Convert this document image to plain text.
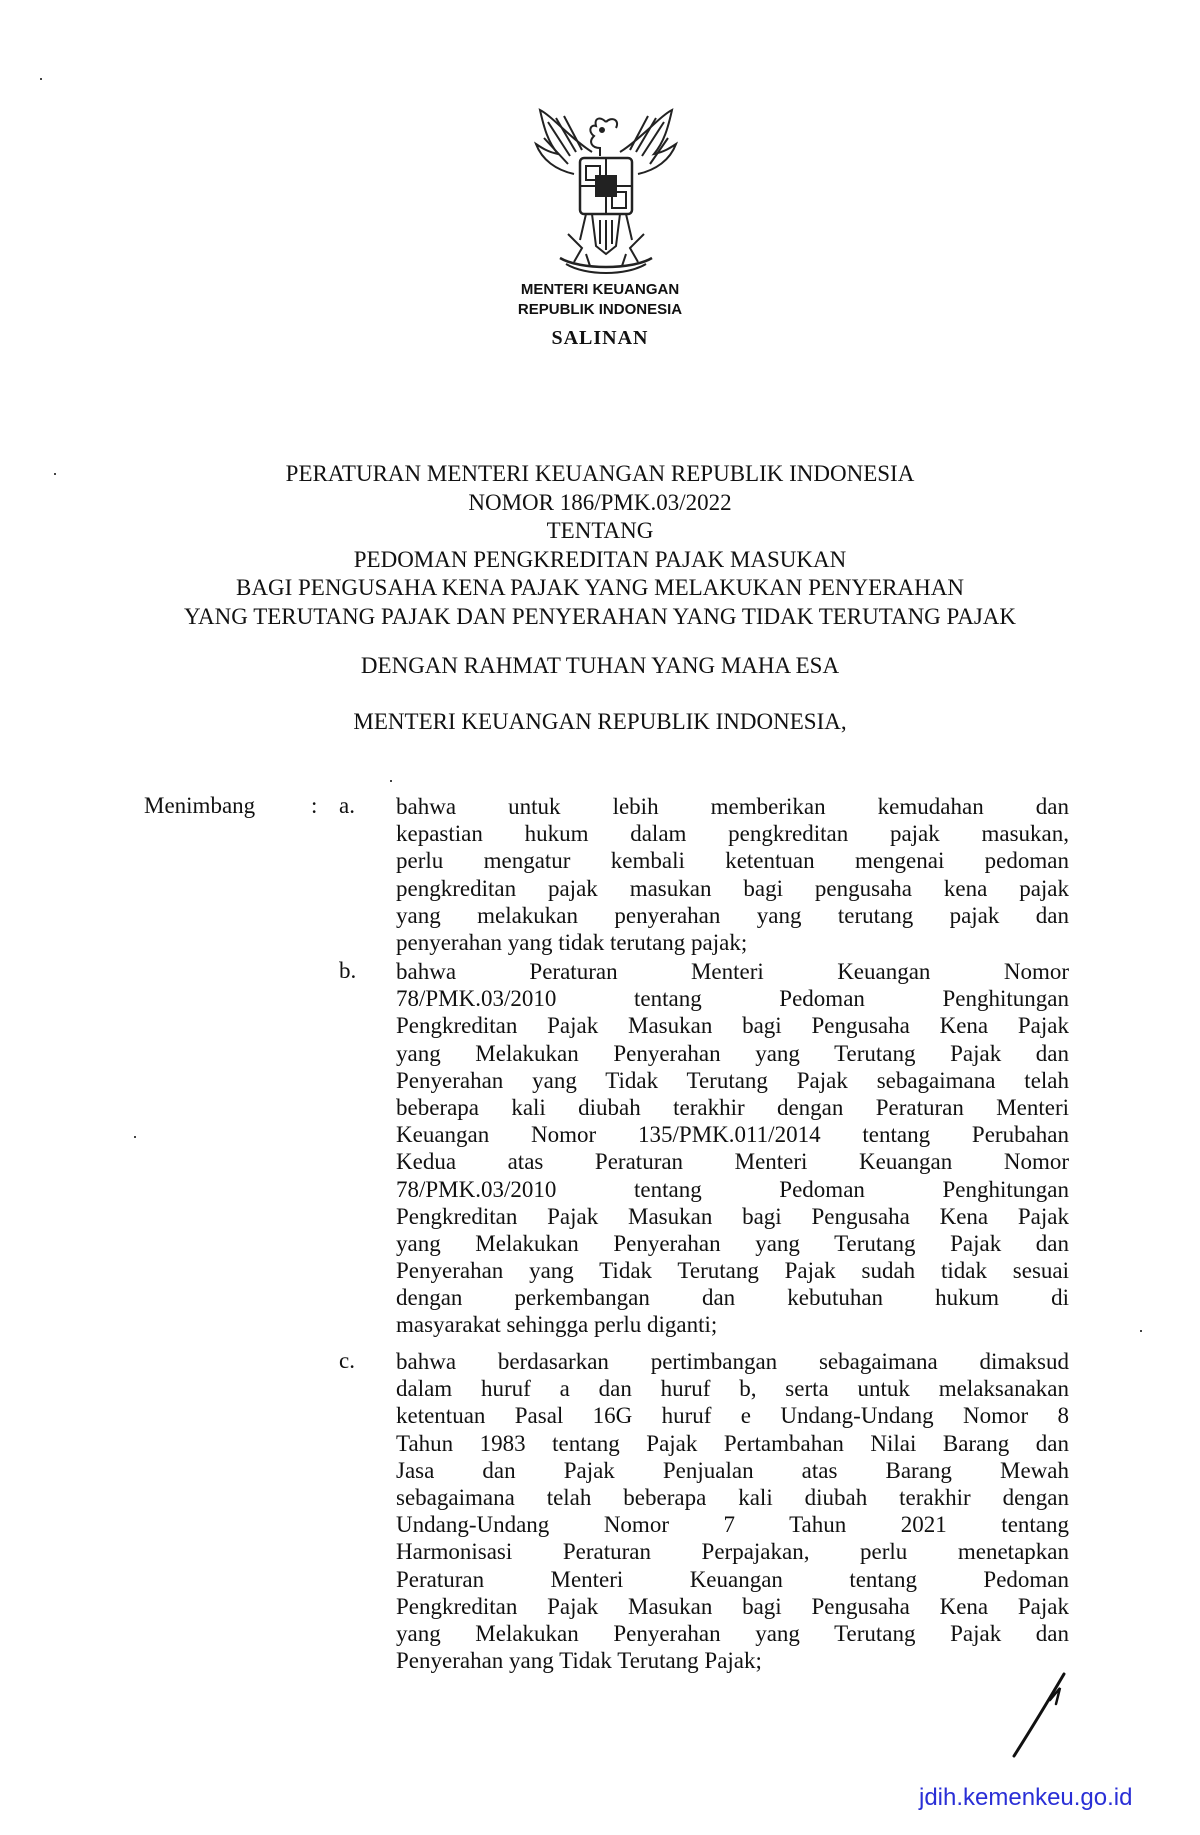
MENTERI KEUANGAN
REPUBLIK INDONESIA
SALINAN
PERATURAN MENTERI KEUANGAN REPUBLIK INDONESIA
NOMOR 186/PMK.03/2022
TENTANG
PEDOMAN PENGKREDITAN PAJAK MASUKAN
BAGI PENGUSAHA KENA PAJAK YANG MELAKUKAN PENYERAHAN
YANG TERUTANG PAJAK DAN PENYERAHAN YANG TIDAK TERUTANG PAJAK
DENGAN RAHMAT TUHAN YANG MAHA ESA
MENTERI KEUANGAN REPUBLIK INDONESIA,
Menimbang : a. bahwa untuk lebih memberikan kemudahan dan
kepastian hukum dalam pengkreditan pajak masukan,
perlu mengatur kembali ketentuan mengenai pedoman
pengkreditan pajak masukan bagi pengusaha kena pajak
yang melakukan penyerahan yang terutang pajak dan
penyerahan yang tidak terutang pajak;
b. bahwa Peraturan Menteri Keuangan Nomor
78/PMK.03/2010 tentang Pedoman Penghitungan
Pengkreditan Pajak Masukan bagi Pengusaha Kena Pajak
yang Melakukan Penyerahan yang Terutang Pajak dan
Penyerahan yang Tidak Terutang Pajak sebagaimana telah
beberapa kali diubah terakhir dengan Peraturan Menteri
Keuangan Nomor 135/PMK.011/2014 tentang Perubahan
Kedua atas Peraturan Menteri Keuangan Nomor
78/PMK.03/2010 tentang Pedoman Penghitungan
Pengkreditan Pajak Masukan bagi Pengusaha Kena Pajak
yang Melakukan Penyerahan yang Terutang Pajak dan
Penyerahan yang Tidak Terutang Pajak sudah tidak sesuai
dengan perkembangan dan kebutuhan hukum di
masyarakat sehingga perlu diganti;
c. bahwa berdasarkan pertimbangan sebagaimana dimaksud
dalam huruf a dan huruf b, serta untuk melaksanakan
ketentuan Pasal 16G huruf e Undang-Undang Nomor 8
Tahun 1983 tentang Pajak Pertambahan Nilai Barang dan
Jasa dan Pajak Penjualan atas Barang Mewah
sebagaimana telah beberapa kali diubah terakhir dengan
Undang-Undang Nomor 7 Tahun 2021 tentang
Harmonisasi Peraturan Perpajakan, perlu menetapkan
Peraturan Menteri Keuangan tentang Pedoman
Pengkreditan Pajak Masukan bagi Pengusaha Kena Pajak
yang Melakukan Penyerahan yang Terutang Pajak dan
Penyerahan yang Tidak Terutang Pajak;
jdih.kemenkeu.go.id
